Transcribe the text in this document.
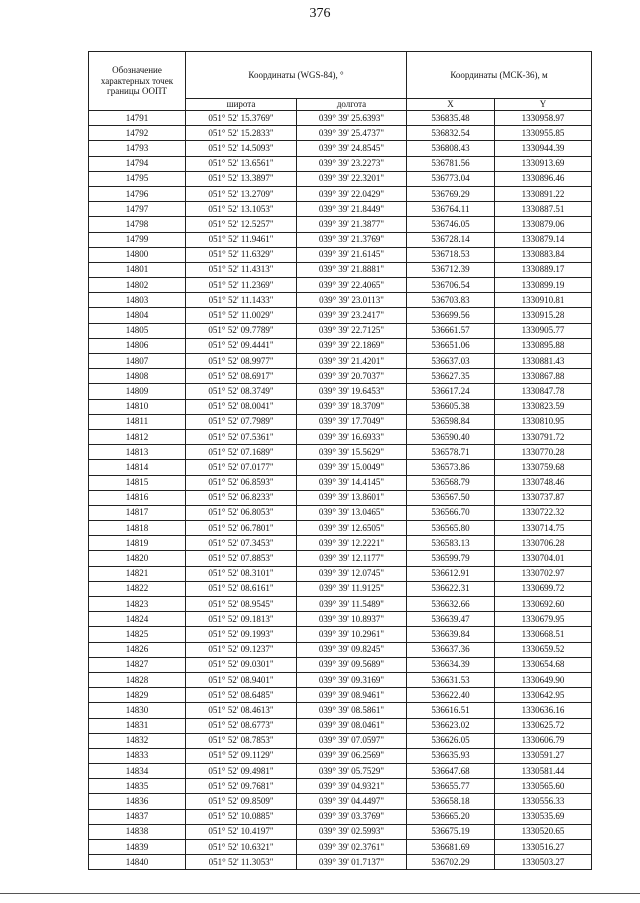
376
Обозначение характерных точек границы ООПТ	Координаты (WGS-84), °		Координаты (МСК-36), м	
	широта	долгота	X	Y
14791	051° 52' 15.3769"	039° 39' 25.6393"	536835.48	1330958.97
14792	051° 52' 15.2833"	039° 39' 25.4737"	536832.54	1330955.85
14793	051° 52' 14.5093"	039° 39' 24.8545"	536808.43	1330944.39
14794	051° 52' 13.6561"	039° 39' 23.2273"	536781.56	1330913.69
14795	051° 52' 13.3897"	039° 39' 22.3201"	536773.04	1330896.46
14796	051° 52' 13.2709"	039° 39' 22.0429"	536769.29	1330891.22
14797	051° 52' 13.1053"	039° 39' 21.8449"	536764.11	1330887.51
14798	051° 52' 12.5257"	039° 39' 21.3877"	536746.05	1330879.06
14799	051° 52' 11.9461"	039° 39' 21.3769"	536728.14	1330879.14
14800	051° 52' 11.6329"	039° 39' 21.6145"	536718.53	1330883.84
14801	051° 52' 11.4313"	039° 39' 21.8881"	536712.39	1330889.17
14802	051° 52' 11.2369"	039° 39' 22.4065"	536706.54	1330899.19
14803	051° 52' 11.1433"	039° 39' 23.0113"	536703.83	1330910.81
14804	051° 52' 11.0029"	039° 39' 23.2417"	536699.56	1330915.28
14805	051° 52' 09.7789"	039° 39' 22.7125"	536661.57	1330905.77
14806	051° 52' 09.4441"	039° 39' 22.1869"	536651.06	1330895.88
14807	051° 52' 08.9977"	039° 39' 21.4201"	536637.03	1330881.43
14808	051° 52' 08.6917"	039° 39' 20.7037"	536627.35	1330867.88
14809	051° 52' 08.3749"	039° 39' 19.6453"	536617.24	1330847.78
14810	051° 52' 08.0041"	039° 39' 18.3709"	536605.38	1330823.59
14811	051° 52' 07.7989"	039° 39' 17.7049"	536598.84	1330810.95
14812	051° 52' 07.5361"	039° 39' 16.6933"	536590.40	1330791.72
14813	051° 52' 07.1689"	039° 39' 15.5629"	536578.71	1330770.28
14814	051° 52' 07.0177"	039° 39' 15.0049"	536573.86	1330759.68
14815	051° 52' 06.8593"	039° 39' 14.4145"	536568.79	1330748.46
14816	051° 52' 06.8233"	039° 39' 13.8601"	536567.50	1330737.87
14817	051° 52' 06.8053"	039° 39' 13.0465"	536566.70	1330722.32
14818	051° 52' 06.7801"	039° 39' 12.6505"	536565.80	1330714.75
14819	051° 52' 07.3453"	039° 39' 12.2221"	536583.13	1330706.28
14820	051° 52' 07.8853"	039° 39' 12.1177"	536599.79	1330704.01
14821	051° 52' 08.3101"	039° 39' 12.0745"	536612.91	1330702.97
14822	051° 52' 08.6161"	039° 39' 11.9125"	536622.31	1330699.72
14823	051° 52' 08.9545"	039° 39' 11.5489"	536632.66	1330692.60
14824	051° 52' 09.1813"	039° 39' 10.8937"	536639.47	1330679.95
14825	051° 52' 09.1993"	039° 39' 10.2961"	536639.84	1330668.51
14826	051° 52' 09.1237"	039° 39' 09.8245"	536637.36	1330659.52
14827	051° 52' 09.0301"	039° 39' 09.5689"	536634.39	1330654.68
14828	051° 52' 08.9401"	039° 39' 09.3169"	536631.53	1330649.90
14829	051° 52' 08.6485"	039° 39' 08.9461"	536622.40	1330642.95
14830	051° 52' 08.4613"	039° 39' 08.5861"	536616.51	1330636.16
14831	051° 52' 08.6773"	039° 39' 08.0461"	536623.02	1330625.72
14832	051° 52' 08.7853"	039° 39' 07.0597"	536626.05	1330606.79
14833	051° 52' 09.1129"	039° 39' 06.2569"	536635.93	1330591.27
14834	051° 52' 09.4981"	039° 39' 05.7529"	536647.68	1330581.44
14835	051° 52' 09.7681"	039° 39' 04.9321"	536655.77	1330565.60
14836	051° 52' 09.8509"	039° 39' 04.4497"	536658.18	1330556.33
14837	051° 52' 10.0885"	039° 39' 03.3769"	536665.20	1330535.69
14838	051° 52' 10.4197"	039° 39' 02.5993"	536675.19	1330520.65
14839	051° 52' 10.6321"	039° 39' 02.3761"	536681.69	1330516.27
14840	051° 52' 11.3053"	039° 39' 01.7137"	536702.29	1330503.27
